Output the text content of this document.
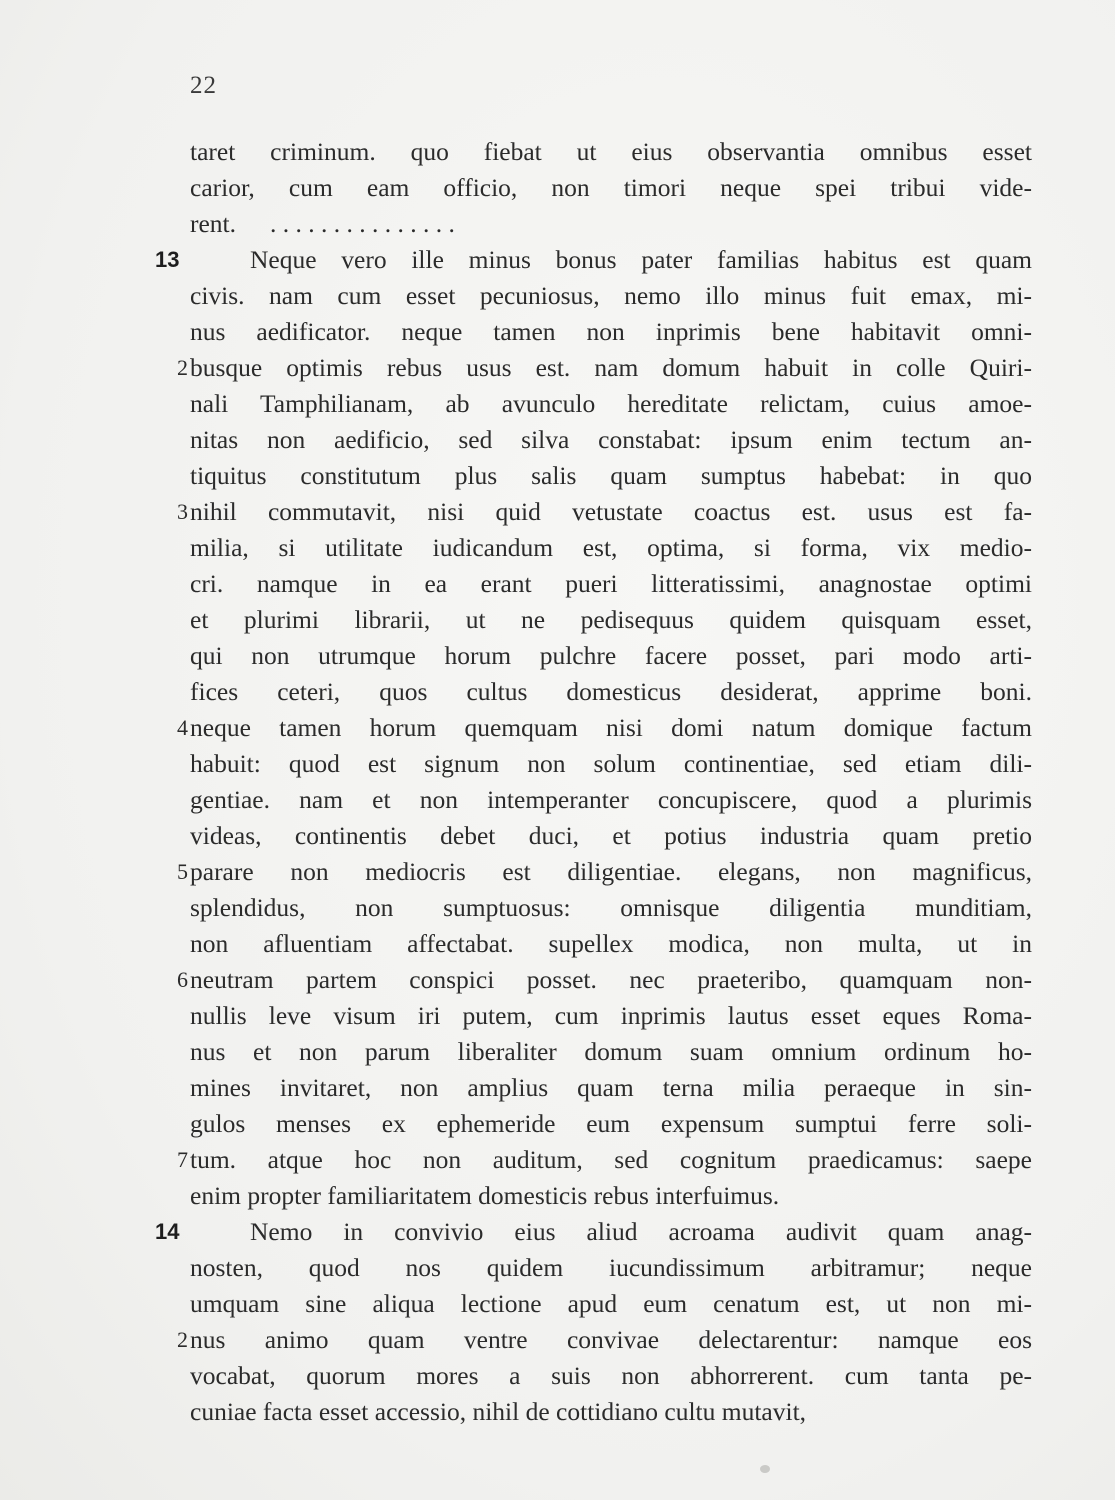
22
taret criminum. quo fiebat ut eius observantia omnibus esset
carior, cum eam officio, non timori neque spei tribui vide-
rent. . . . . . . . . . . . . . . .
Neque vero ille minus bonus pater familias habitus est quam
civis. nam cum esset pecuniosus, nemo illo minus fuit emax, mi-
nus aedificator. neque tamen non inprimis bene habitavit omni-
busque optimis rebus usus est. nam domum habuit in colle Quiri-
nali Tamphilianam, ab avunculo hereditate relictam, cuius amoe-
nitas non aedificio, sed silva constabat: ipsum enim tectum an-
tiquitus constitutum plus salis quam sumptus habebat: in quo
nihil commutavit, nisi quid vetustate coactus est. usus est fa-
milia, si utilitate iudicandum est, optima, si forma, vix medio-
cri. namque in ea erant pueri litteratissimi, anagnostae optimi
et plurimi librarii, ut ne pedisequus quidem quisquam esset,
qui non utrumque horum pulchre facere posset, pari modo arti-
fices ceteri, quos cultus domesticus desiderat, apprime boni.
neque tamen horum quemquam nisi domi natum domique factum
habuit: quod est signum non solum continentiae, sed etiam dili-
gentiae. nam et non intemperanter concupiscere, quod a plurimis
videas, continentis debet duci, et potius industria quam pretio
parare non mediocris est diligentiae. elegans, non magnificus,
splendidus, non sumptuosus: omnisque diligentia munditiam,
non afluentiam affectabat. supellex modica, non multa, ut in
neutram partem conspici posset. nec praeteribo, quamquam non-
nullis leve visum iri putem, cum inprimis lautus esset eques Roma-
nus et non parum liberaliter domum suam omnium ordinum ho-
mines invitaret, non amplius quam terna milia peraeque in sin-
gulos menses ex ephemeride eum expensum sumptui ferre soli-
tum. atque hoc non auditum, sed cognitum praedicamus: saepe
enim propter familiaritatem domesticis rebus interfuimus.
Nemo in convivio eius aliud acroama audivit quam anag-
nosten, quod nos quidem iucundissimum arbitramur; neque
umquam sine aliqua lectione apud eum cenatum est, ut non mi-
nus animo quam ventre convivae delectarentur: namque eos
vocabat, quorum mores a suis non abhorrerent. cum tanta pe-
cuniae facta esset accessio, nihil de cottidiano cultu mutavit,
13
14
2
3
4
5
6
7
2
